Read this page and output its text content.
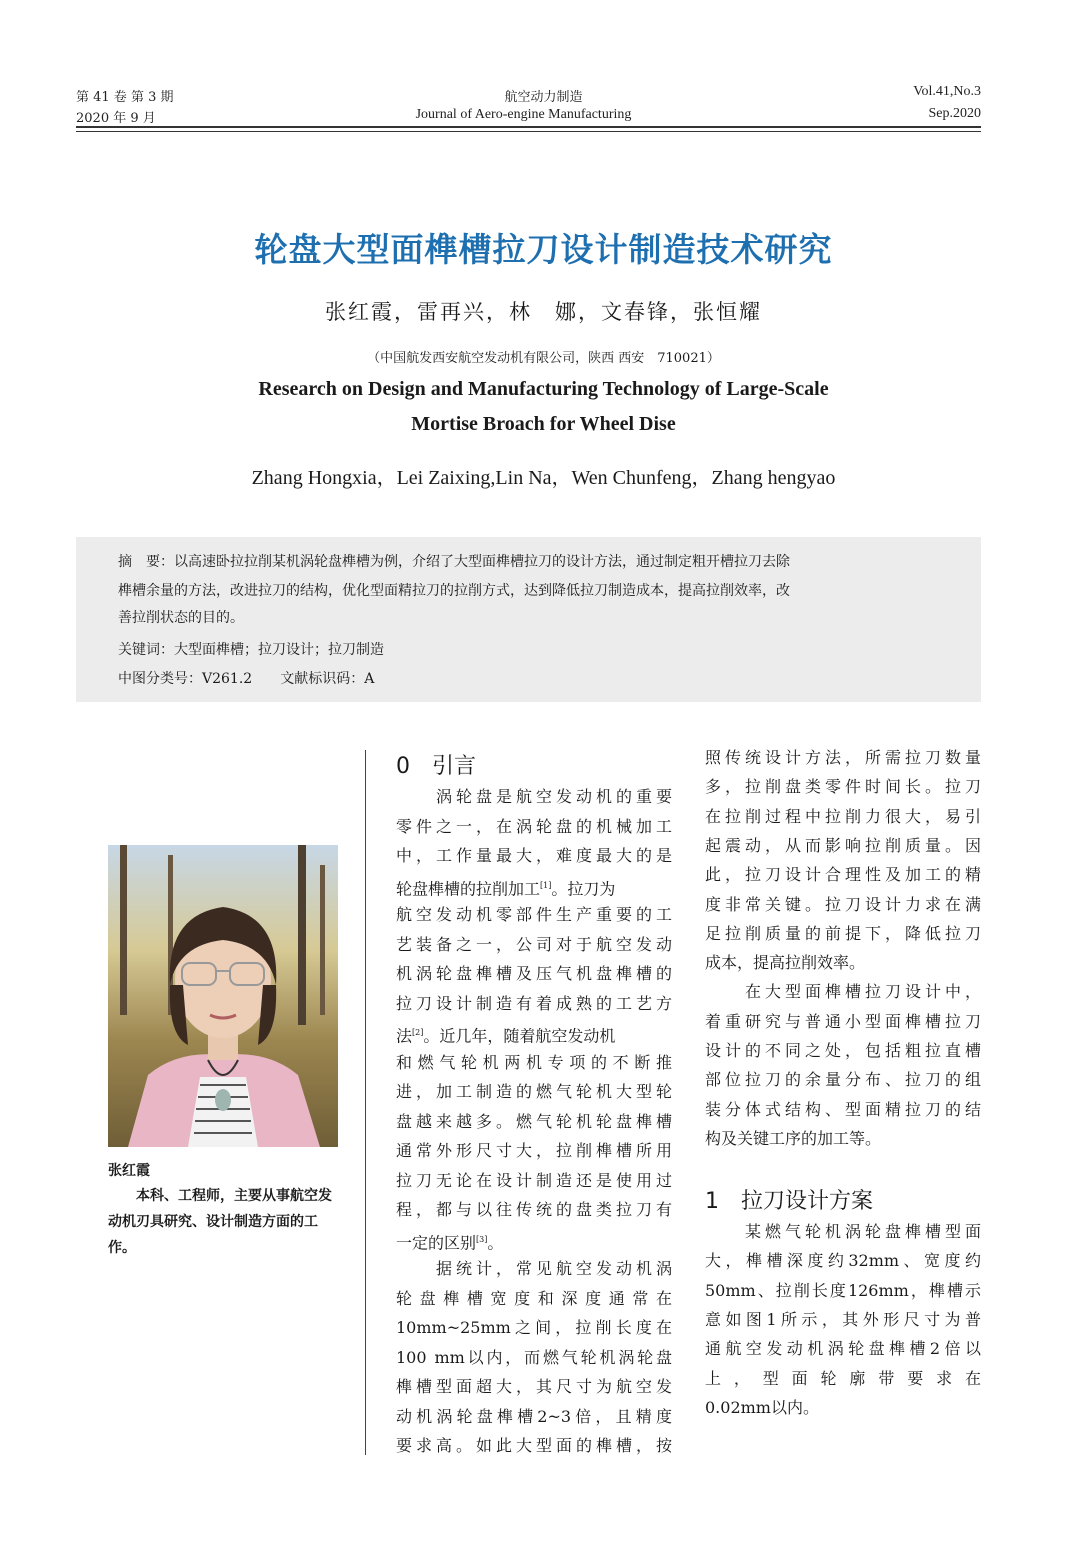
第 41 卷 第 3 期
2020 年 9 月
航空动力制造
Journal of Aero-engine Manufacturing
Vol.41,No.3
Sep.2020
轮盘大型面榫槽拉刀设计制造技术研究
张红霞，雷再兴，林　娜，文春锋，张恒耀
（中国航发西安航空发动机有限公司，陕西 西安　710021）
Research on Design and Manufacturing Technology of Large-Scale
Mortise Broach for Wheel Dise
Zhang Hongxia，Lei Zaixing,Lin Na，Wen Chunfeng，Zhang hengyao
摘　要：以高速卧拉拉削某机涡轮盘榫槽为例，介绍了大型面榫槽拉刀的设计方法，通过制定粗开槽拉刀去除
榫槽余量的方法，改进拉刀的结构，优化型面精拉刀的拉削方式，达到降低拉刀制造成本，提高拉削效率，改
善拉削状态的目的。
关键词：大型面榫槽；拉刀设计；拉刀制造
中图分类号：V261.2　　文献标识码：A
张红霞
本科、工程师，主要从事航空发动机刃具研究、设计制造方面的工作。
0　引言
1　拉刀设计方案
　　涡轮盘是航空发动机的重要
零件之一，在涡轮盘的机械加工
中，工作量最大，难度最大的是
轮盘榫槽的拉削加工[1]。拉刀为
航空发动机零部件生产重要的工
艺装备之一，公司对于航空发动
机涡轮盘榫槽及压气机盘榫槽的
拉刀设计制造有着成熟的工艺方
法[2]。近几年，随着航空发动机
和燃气轮机两机专项的不断推
进，加工制造的燃气轮机大型轮
盘越来越多。燃气轮机轮盘榫槽
通常外形尺寸大，拉削榫槽所用
拉刀无论在设计制造还是使用过
程，都与以往传统的盘类拉刀有
一定的区别[3]。
　　据统计，常见航空发动机涡
轮盘榫槽宽度和深度通常在
10mm~25mm之间，拉削长度在
100 mm以内，而燃气轮机涡轮盘
榫槽型面超大，其尺寸为航空发
动机涡轮盘榫槽2~3倍，且精度
要求高。如此大型面的榫槽，按
照传统设计方法，所需拉刀数量
多，拉削盘类零件时间长。拉刀
在拉削过程中拉削力很大，易引
起震动，从而影响拉削质量。因
此，拉刀设计合理性及加工的精
度非常关键。拉刀设计力求在满
足拉削质量的前提下，降低拉刀
成本，提高拉削效率。
　　在大型面榫槽拉刀设计中，
着重研究与普通小型面榫槽拉刀
设计的不同之处，包括粗拉直槽
部位拉刀的余量分布、拉刀的组
装分体式结构、型面精拉刀的结
构及关键工序的加工等。
　　某燃气轮机涡轮盘榫槽型面
大，榫槽深度约32mm、宽度约
50mm、拉削长度126mm，榫槽示
意如图1所示，其外形尺寸为普
通航空发动机涡轮盘榫槽2倍以
上，型面轮廓带要求在
0.02mm以内。
